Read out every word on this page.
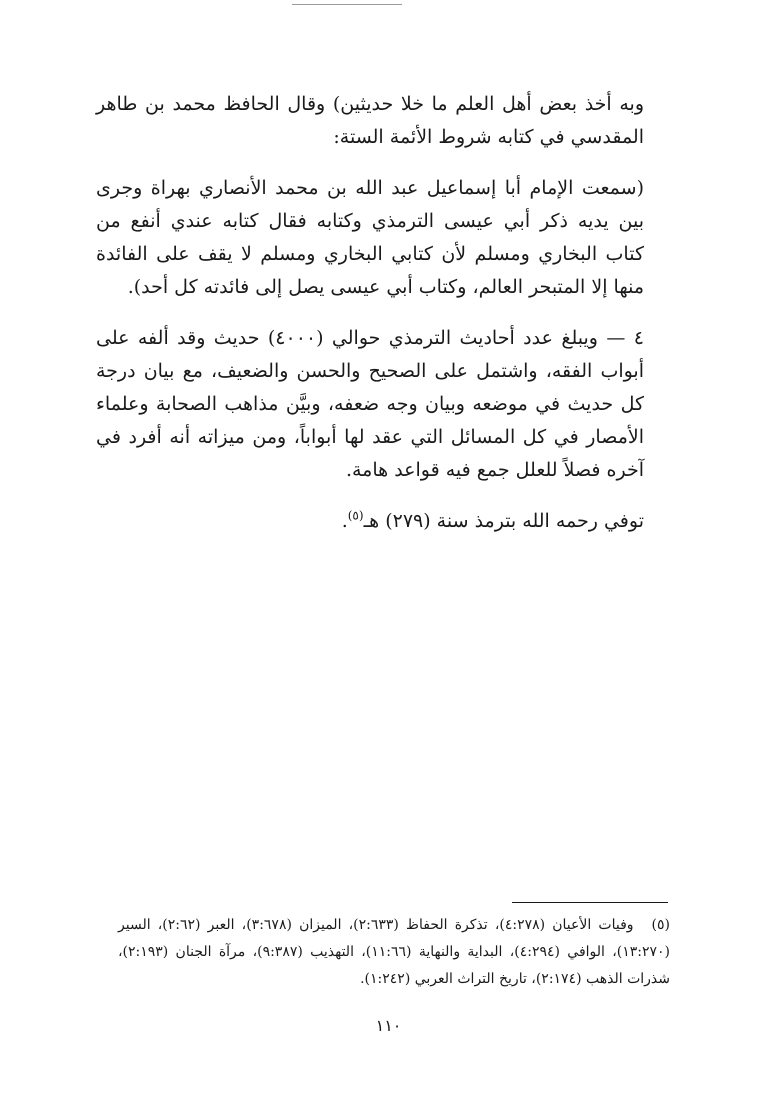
وبه أخذ بعض أهل العلم ما خلا حديثين) وقال الحافظ محمد بن طاهر المقدسي في كتابه شروط الأئمة الستة:

(سمعت الإمام أبا إسماعيل عبد الله بن محمد الأنصاري بهراة وجرى بين يديه ذكر أبي عيسى الترمذي وكتابه فقال كتابه عندي أنفع من كتاب البخاري ومسلم لأن كتابي البخاري ومسلم لا يقف على الفائدة منها إلا المتبحر العالم، وكتاب أبي عيسى يصل إلى فائدته كل أحد).

٤ — ويبلغ عدد أحاديث الترمذي حوالي (٤٠٠٠) حديث وقد ألفه على أبواب الفقه، واشتمل على الصحيح والحسن والضعيف، مع بيان درجة كل حديث في موضعه وبيان وجه ضعفه، وبيَّن مذاهب الصحابة وعلماء الأمصار في كل المسائل التي عقد لها أبواباً، ومن ميزاته أنه أفرد في آخره فصلاً للعلل جمع فيه قواعد هامة.

توفي رحمه الله بترمذ سنة (٢٧٩) هـ$^{(٥)}$.

(٥)وفيات الأعيان (٤:٢٧٨)، تذكرة الحفاظ (٢:٦٣٣)، الميزان (٣:٦٧٨)، العبر (٢:٦٢)، السير (١٣:٢٧٠)، الوافي (٤:٢٩٤)، البداية والنهاية (١١:٦٦)، التهذيب (٩:٣٨٧)، مرآة الجنان (٢:١٩٣)، شذرات الذهب (٢:١٧٤)، تاريخ التراث العربي (١:٢٤٢).
١١٠
